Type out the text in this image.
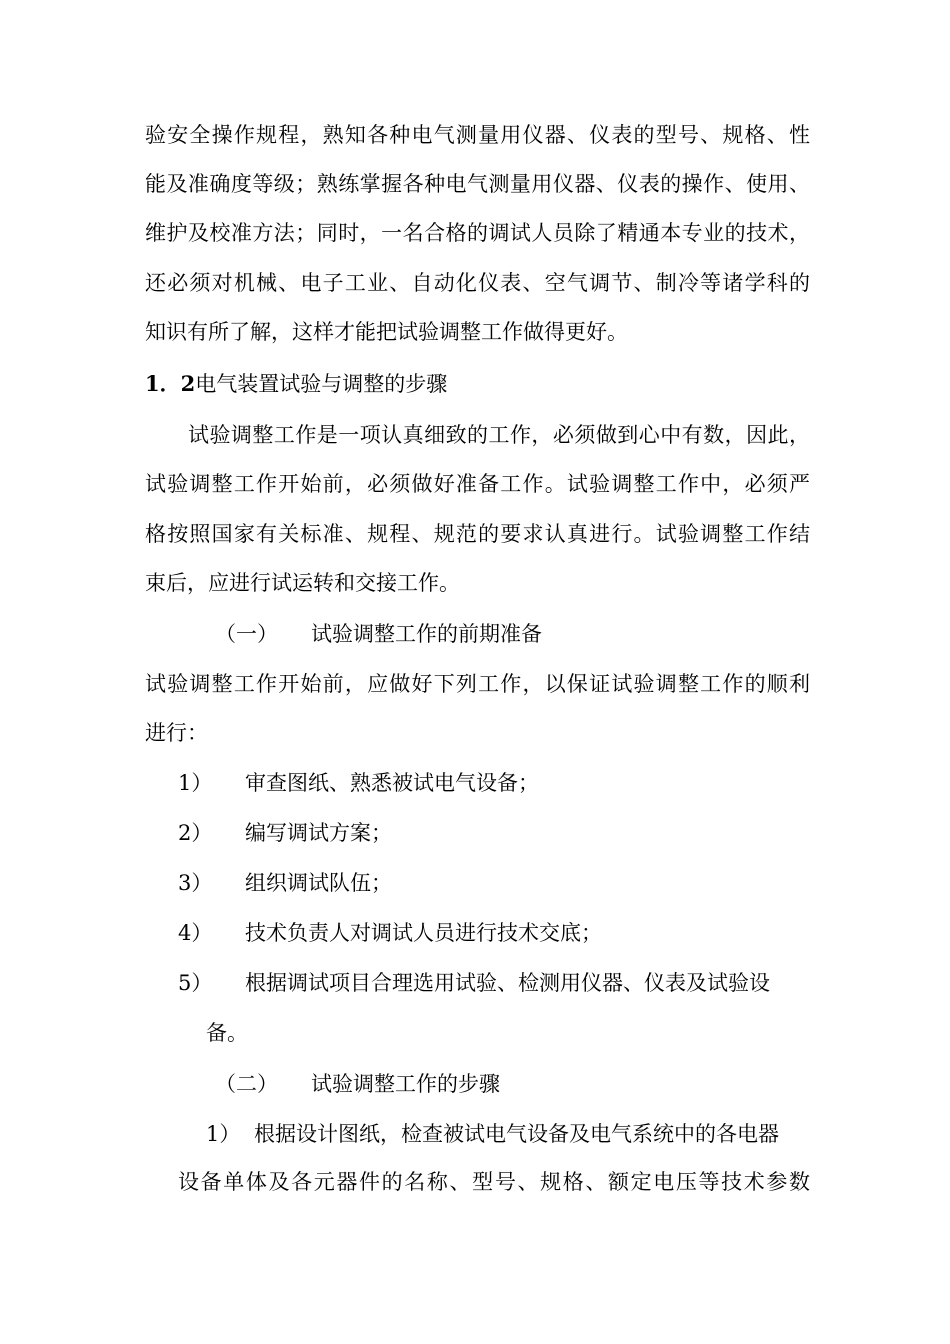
验安全操作规程，熟知各种电气测量用仪器、仪表的型号、规格、性
能及准确度等级；熟练掌握各种电气测量用仪器、仪表的操作、使用、
维护及校准方法；同时，一名合格的调试人员除了精通本专业的技术，
还必须对机械、电子工业、自动化仪表、空气调节、制冷等诸学科的
知识有所了解，这样才能把试验调整工作做得更好。
1．2电气装置试验与调整的步骤
试验调整工作是一项认真细致的工作，必须做到心中有数，因此，
试验调整工作开始前，必须做好准备工作。试验调整工作中，必须严
格按照国家有关标准、规程、规范的要求认真进行。试验调整工作结
束后，应进行试运转和交接工作。
（一） 试验调整工作的前期准备
试验调整工作开始前，应做好下列工作，以保证试验调整工作的顺利
进行：
1） 审查图纸、熟悉被试电气设备；
2） 编写调试方案；
3） 组织调试队伍；
4） 技术负责人对调试人员进行技术交底；
5） 根据调试项目合理选用试验、检测用仪器、仪表及试验设
备。
（二） 试验调整工作的步骤
1） 根据设计图纸，检查被试电气设备及电气系统中的各电器
设备单体及各元器件的名称、型号、规格、额定电压等技术参数
